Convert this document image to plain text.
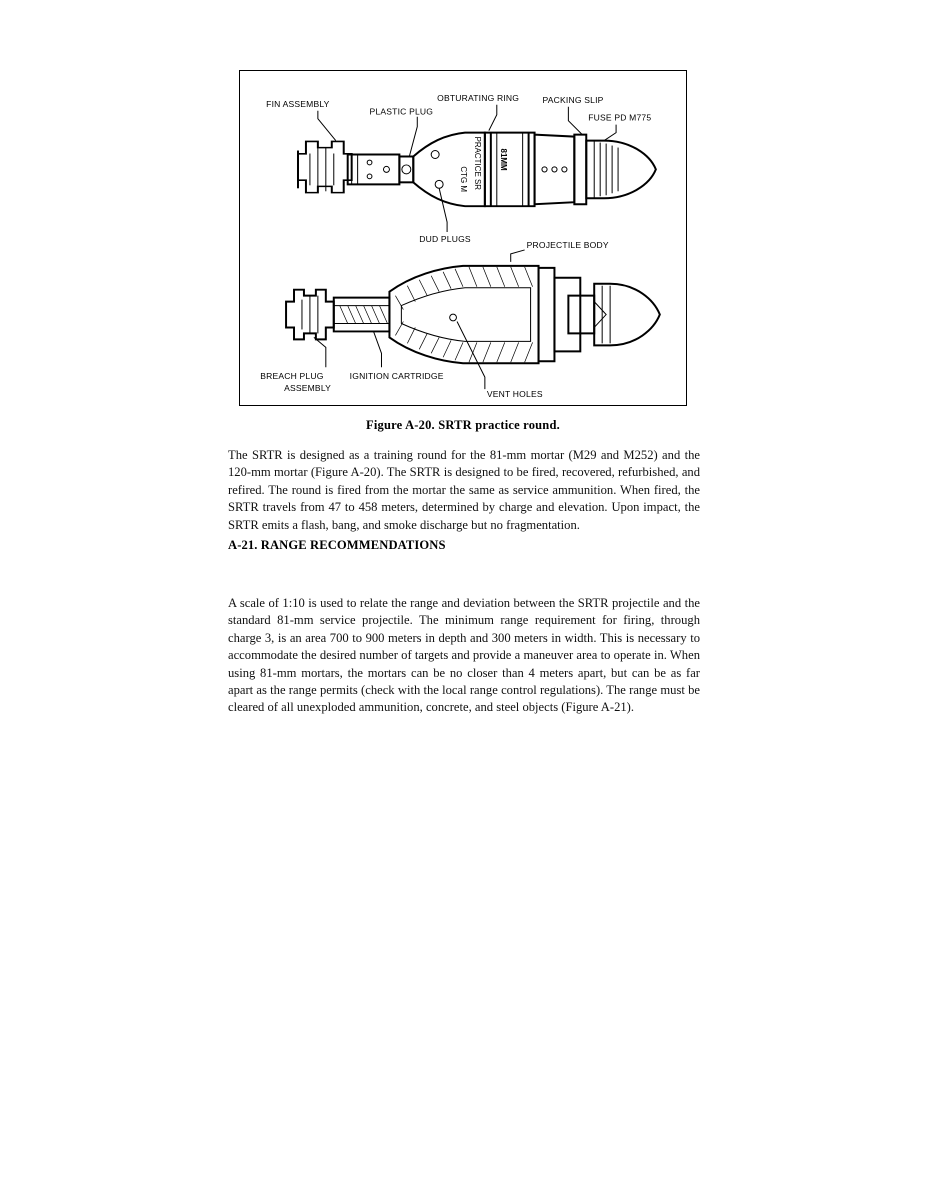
PRACTICE SR
CTG M
81MM
FIN ASSEMBLY
PLASTIC PLUG
OBTURATING RING	PACKING SLIP
FUSE PD M775
DUD PLUGS
PROJECTILE BODY
BREACH PLUG
ASSEMBLY
IGNITION CARTRIDGE
VENT HOLES
Figure A-20. SRTR practice round.
The SRTR is designed as a training round for the 81-mm mortar (M29 and M252) and the 120-mm mortar (Figure A-20). The SRTR is designed to be fired, recovered, refurbished, and refired. The round is fired from the mortar the same as service ammunition. When fired, the SRTR travels from 47 to 458 meters, determined by charge and elevation. Upon impact, the SRTR emits a flash, bang, and smoke discharge but no fragmentation.
A-21. RANGE RECOMMENDATIONS
A scale of 1:10 is used to relate the range and deviation between the SRTR projectile and the standard 81-mm service projectile. The minimum range requirement for firing, through charge 3, is an area 700 to 900 meters in depth and 300 meters in width. This is necessary to accommodate the desired number of targets and provide a maneuver area to operate in. When using 81-mm mortars, the mortars can be no closer than 4 meters apart, but can be as far apart as the range permits (check with the local range control regulations). The range must be cleared of all unexploded ammunition, concrete, and steel objects (Figure A-21).
